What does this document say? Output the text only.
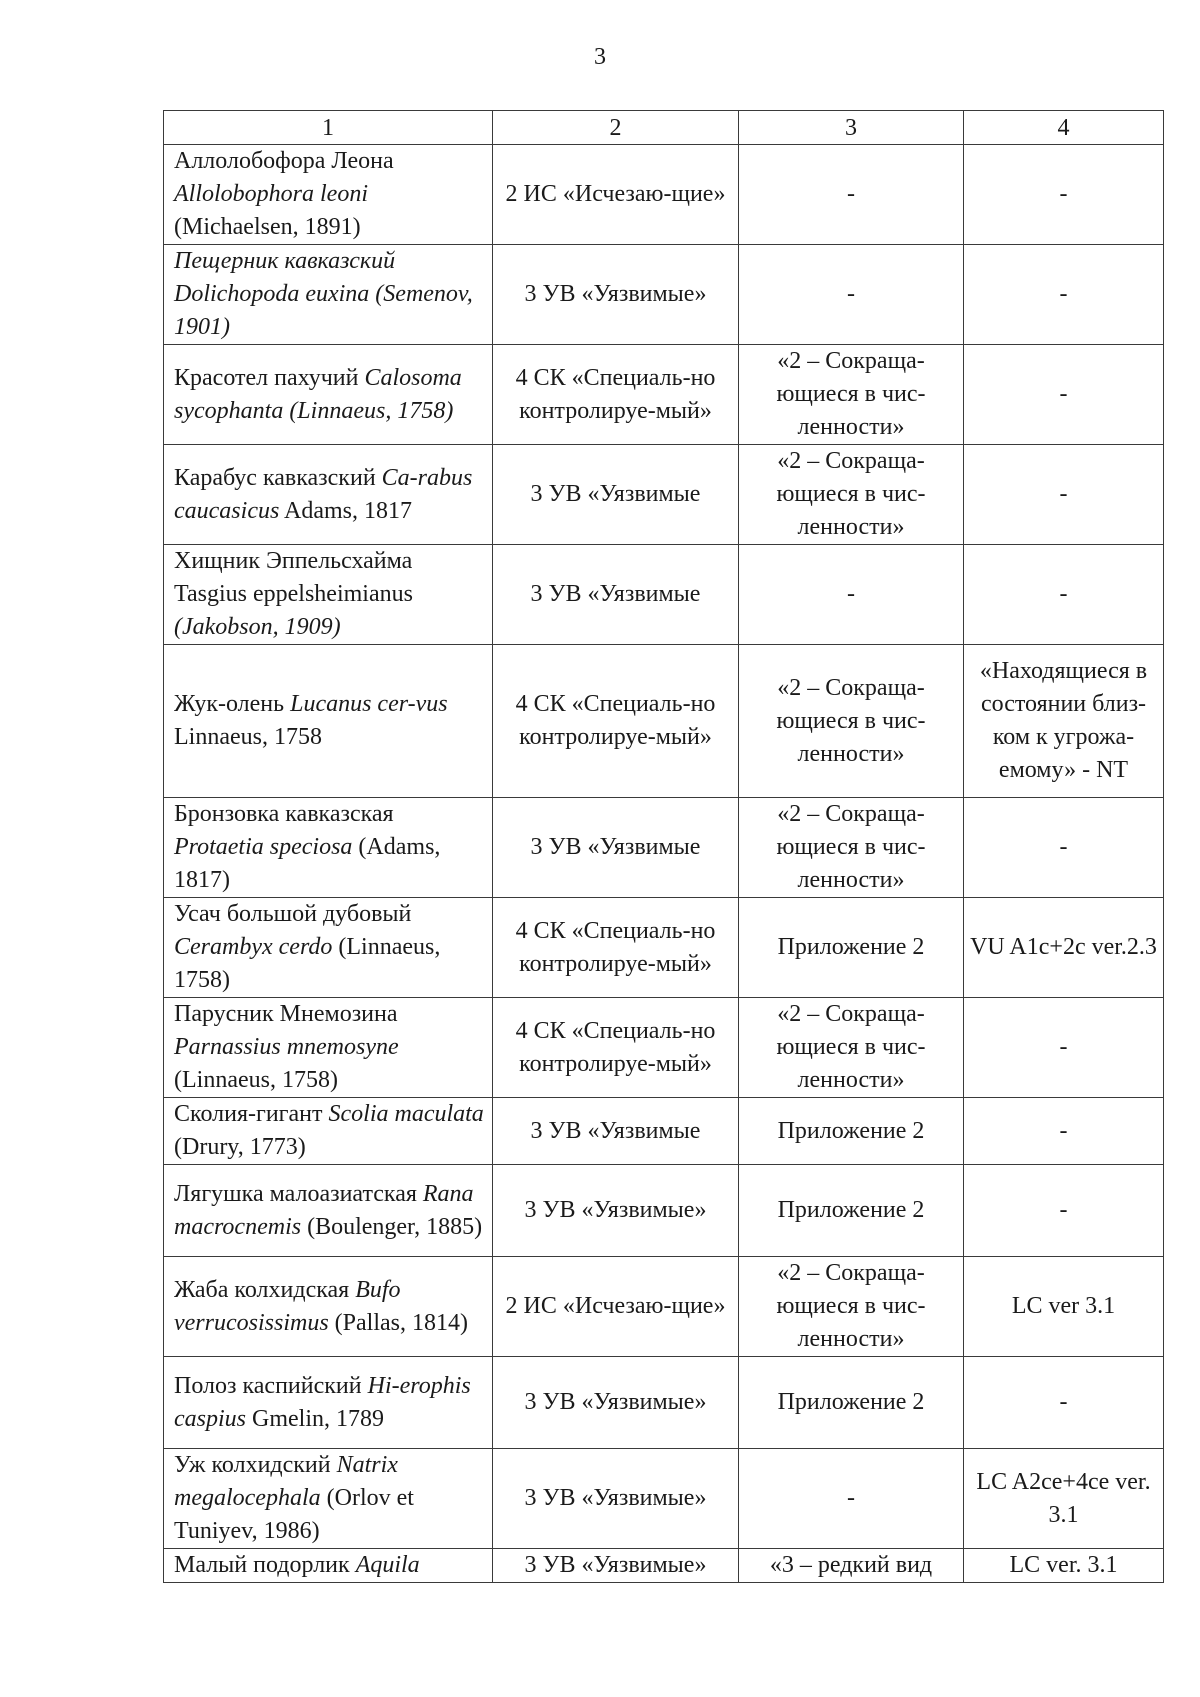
3
1	2	3	4
Аллолобофора Леона Allolobophora leoni (Michaelsen, 1891)	2 ИС «Исчезаю-щие»	-	-
Пещерник кавказский Dolichopoda euxina (Semenov, 1901)	3 УВ «Уязвимые»	-	-
Красотел пахучий Calosoma sycophanta (Linnaeus, 1758)	4 СК «Специаль-но контролируе-мый»	«2 – Сокраща-ющиеся в чис-ленности»	-
Карабус кавказский Ca-rabus caucasicus Adams, 1817	3 УВ «Уязвимые	«2 – Сокраща-ющиеся в чис-ленности»	-
Хищник Эппельсхайма Tasgius eppelsheimianus (Jakobson, 1909)	3 УВ «Уязвимые	-	-
Жук-олень Lucanus cer-vus Linnaeus, 1758	4 СК «Специаль-но контролируе-мый»	«2 – Сокраща-ющиеся в чис-ленности»	«Находящиеся в состоянии близ-ком к угрожа-емому» - NT
Бронзовка кавказская Protaetia speciosa (Adams, 1817)	3 УВ «Уязвимые	«2 – Сокраща-ющиеся в чис-ленности»	-
Усач большой дубовый Cerambyx cerdo (Linnaeus, 1758)	4 СК «Специаль-но контролируе-мый»	Приложение 2	VU A1c+2c ver.2.3
Парусник Мнемозина Parnassius mnemosyne (Linnaeus, 1758)	4 СК «Специаль-но контролируе-мый»	«2 – Сокраща-ющиеся в чис-ленности»	-
Сколия-гигант Scolia maculata (Drury, 1773)	3 УВ «Уязвимые	Приложение 2	-
Лягушка малоазиатская Rana macrocnemis (Boulenger, 1885)	3 УВ «Уязвимые»	Приложение 2	-
Жаба колхидская Bufo verrucosissimus (Pallas, 1814)	2 ИС «Исчезаю-щие»	«2 – Сокраща-ющиеся в чис-ленности»	LC ver 3.1
Полоз каспийский Hi-erophis caspius Gmelin, 1789	3 УВ «Уязвимые»	Приложение 2	-
Уж колхидский Natrix megalocephala (Orlov et Tuniyev, 1986)	3 УВ «Уязвимые»	-	LC A2ce+4ce ver. 3.1
Малый подорлик Aquila	3 УВ «Уязвимые»	«3 – редкий вид	LC ver. 3.1
